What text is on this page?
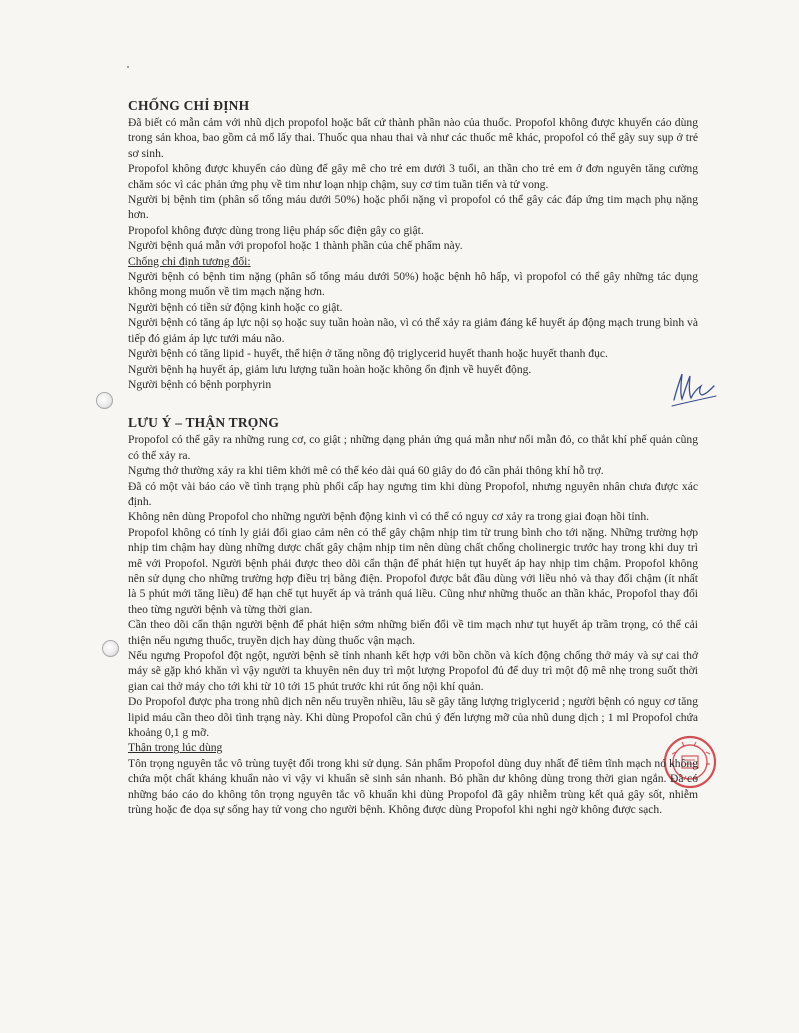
CHỐNG CHỈ ĐỊNH

Đã biết có mẫn cảm với nhũ dịch propofol hoặc bất cứ thành phần nào của thuốc. Propofol không được khuyến cáo dùng trong sản khoa, bao gồm cả mổ lấy thai. Thuốc qua nhau thai và như các thuốc mê khác, propofol có thể gây suy sụp ở trẻ sơ sinh.

Propofol không được khuyến cáo dùng để gây mê cho trẻ em dưới 3 tuổi, an thần cho trẻ em ở đơn nguyên tăng cường chăm sóc vì các phản ứng phụ về tim như loạn nhịp chậm, suy cơ tim tuần tiến và tử vong.

Người bị bệnh tim (phân số tống máu dưới 50%) hoặc phổi nặng vì propofol có thể gây các đáp ứng tim mạch phụ nặng hơn.

Propofol không được dùng trong liệu pháp sốc điện gây co giật.

Người bệnh quá mẫn với propofol hoặc 1 thành phần của chế phẩm này.

Chống chỉ định tương đối:

Người bệnh có bệnh tim nặng (phân số tống máu dưới 50%) hoặc bệnh hô hấp, vì propofol có thể gây những tác dụng không mong muốn về tim mạch nặng hơn.

Người bệnh có tiền sử động kinh hoặc co giật.

Người bệnh có tăng áp lực nội sọ hoặc suy tuần hoàn não, vì có thể xảy ra giảm đáng kể huyết áp động mạch trung bình và tiếp đó giảm áp lực tưới máu não.

Người bệnh có tăng lipid - huyết, thể hiện ở tăng nồng độ triglycerid huyết thanh hoặc huyết thanh đục.

Người bệnh hạ huyết áp, giảm lưu lượng tuần hoàn hoặc không ổn định về huyết động.

Người bệnh có bệnh porphyrin

LƯU Ý – THẬN TRỌNG

Propofol có thể gây ra những rung cơ, co giật ; những dạng phản ứng quá mẫn như nổi mẫn đỏ, co thắt khí phế quản cũng có thể xảy ra.

Ngưng thở thường xảy ra khi tiêm khởi mê có thể kéo dài quá 60 giây do đó cần phải thông khí hỗ trợ.

Đã có một vài báo cáo về tình trạng phù phổi cấp hay ngưng tim khi dùng Propofol, nhưng nguyên nhân chưa được xác định.

Không nên dùng Propofol cho những người bệnh động kinh vì có thể có nguy cơ xảy ra trong giai đoạn hồi tỉnh.

Propofol không có tính ly giải đối giao cảm nên có thể gây chậm nhịp tim từ trung bình cho tới nặng. Những trường hợp nhịp tim chậm hay dùng những dược chất gây chậm nhịp tim nên dùng chất chống cholinergic trước hay trong khi duy trì mê với Propofol. Người bệnh phải được theo dõi cẩn thận để phát hiện tụt huyết áp hay nhịp tim chậm. Propofol không nên sử dụng cho những trường hợp điều trị bằng điện. Propofol được bắt đầu dùng với liều nhỏ và thay đổi chậm (ít nhất là 5 phút mới tăng liều) để hạn chế tụt huyết áp và tránh quá liều. Cũng như những thuốc an thần khác, Propofol thay đổi theo từng người bệnh và từng thời gian.

Cần theo dõi cẩn thận người bệnh để phát hiện sớm những biến đổi về tim mạch như tụt huyết áp trầm trọng, có thể cải thiện nếu ngưng thuốc, truyền dịch hay dùng thuốc vận mạch.

Nếu ngưng Propofol đột ngột, người bệnh sẽ tỉnh nhanh kết hợp với bồn chồn và kích động chống thở máy và sự cai thở máy sẽ gặp khó khăn vì vậy người ta khuyên nên duy trì một lượng Propofol đủ để duy trì một độ mê nhẹ trong suốt thời gian cai thở máy cho tới khi từ 10 tới 15 phút trước khi rút ống nội khí quản.

Do Propofol được pha trong nhũ dịch nên nếu truyền nhiều, lâu sẽ gây tăng lượng triglycerid ; người bệnh có nguy cơ tăng lipid máu cần theo dõi tình trạng này. Khi dùng Propofol cần chú ý đến lượng mỡ của nhũ dung dịch ; 1 ml Propofol chứa khoảng 0,1 g mỡ.

Thận trọng lúc dùng

Tôn trọng nguyên tắc vô trùng tuyệt đối trong khi sử dụng. Sản phẩm Propofol dùng duy nhất để tiêm tĩnh mạch nó không chứa một chất kháng khuẩn nào vì vậy vi khuẩn sẽ sinh sản nhanh. Bỏ phần dư không dùng trong thời gian ngắn. Đã có những báo cáo do không tôn trọng nguyên tắc vô khuẩn khi dùng Propofol đã gây nhiễm trùng kết quả gây sốt, nhiễm trùng hoặc đe dọa sự sống hay tử vong cho người bệnh. Không được dùng Propofol khi nghi ngờ không được sạch.
